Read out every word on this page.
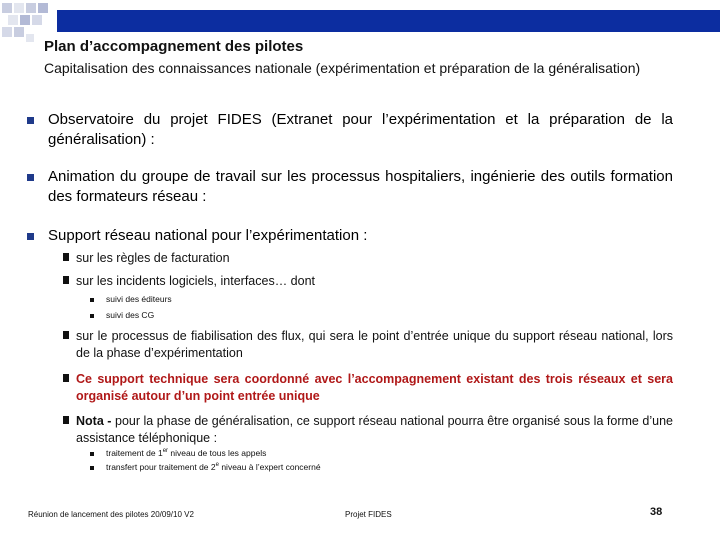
Plan d’accompagnement des pilotes
Capitalisation des connaissances nationale (expérimentation et préparation de la généralisation)
Observatoire du projet FIDES (Extranet pour l’expérimentation et la préparation de la généralisation) :
Animation du groupe de travail sur les processus hospitaliers, ingénierie des outils formation des formateurs réseau :
Support réseau national pour l’expérimentation :
sur les règles de facturation
sur les incidents logiciels, interfaces… dont
suivi des éditeurs
suivi des CG
sur le processus de fiabilisation des flux, qui sera le point d’entrée unique du support réseau national, lors de la phase d’expérimentation
Ce support technique sera coordonné avec l’accompagnement existant des trois réseaux et sera organisé autour d’un point entrée unique
Nota - pour la phase de généralisation, ce support réseau national pourra être organisé sous la forme d’une assistance téléphonique :
traitement de 1er niveau de tous les appels
transfert pour traitement de 2e niveau à l’expert concerné
Réunion de lancement des pilotes 20/09/10 V2	Projet FIDES	38
